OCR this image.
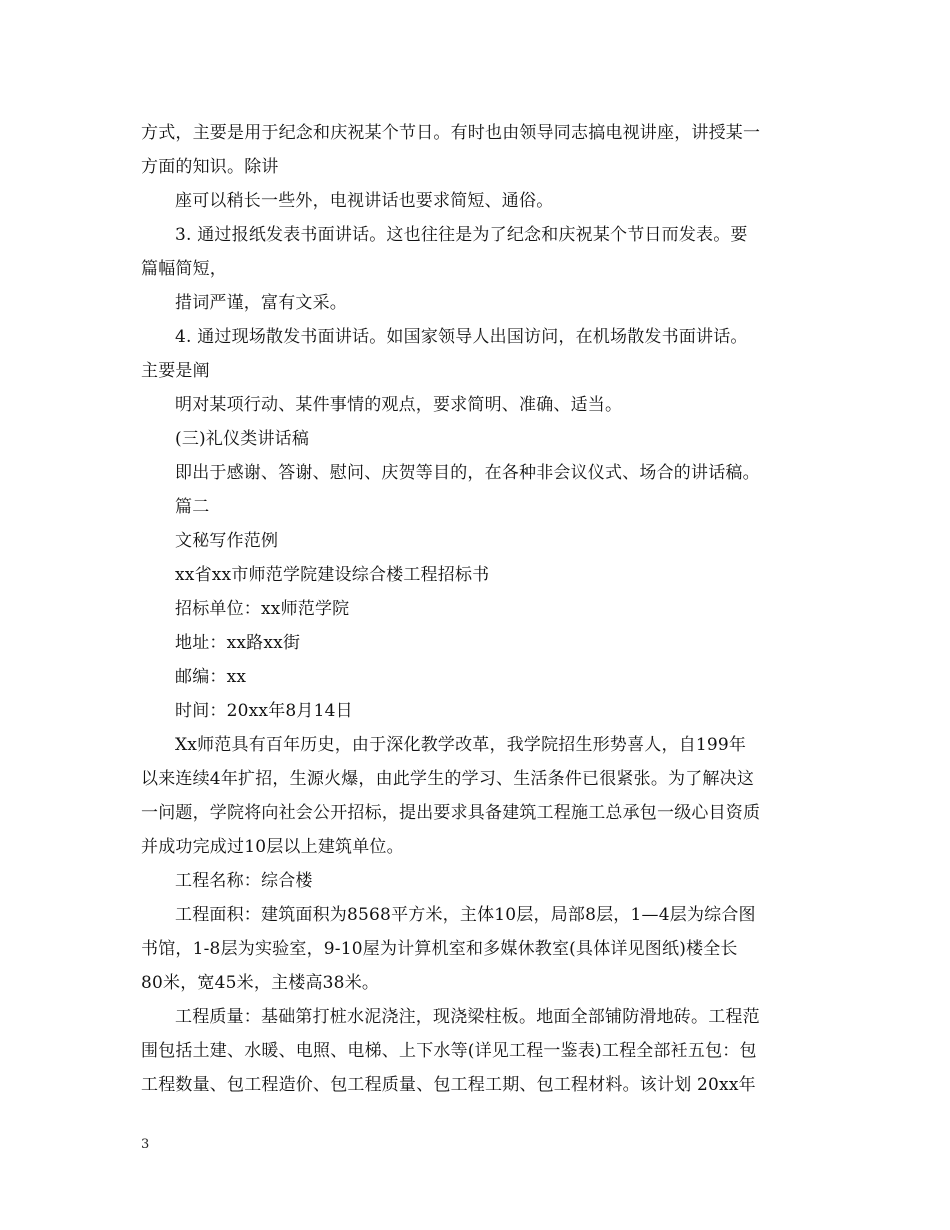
方式，主要是用于纪念和庆祝某个节日。有时也由领导同志搞电视讲座，讲授某一
方面的知识。除讲
座可以稍长一些外，电视讲话也要求简短、通俗。
3. 通过报纸发表书面讲话。这也往往是为了纪念和庆祝某个节日而发表。要
篇幅简短，
措词严谨，富有文采。
4. 通过现场散发书面讲话。如国家领导人出国访问，在机场散发书面讲话。
主要是阐
明对某项行动、某件事情的观点，要求简明、准确、适当。
(三)礼仪类讲话稿
即出于感谢、答谢、慰问、庆贺等目的，在各种非会议仪式、场合的讲话稿。
篇二
文秘写作范例
xx省xx市师范学院建设综合楼工程招标书
招标单位：xx师范学院
地址：xx路xx街
邮编：xx
时间：20xx年8月14日
Xx师范具有百年历史，由于深化教学改革，我学院招生形势喜人，自199年
以来连续4年扩招，生源火爆，由此学生的学习、生活条件已很紧张。为了解决这
一问题，学院将向社会公开招标，提出要求具备建筑工程施工总承包一级心目资质
并成功完成过10层以上建筑单位。
工程名称：综合楼
工程面积：建筑面积为8568平方米，主体10层，局部8层，1—4层为综合图
书馆，1-8层为实验室，9-10屋为计算机室和多媒休教室(具体详见图纸)楼全长
80米，宽45米，主楼高38米。
工程质量：基础第打桩水泥浇注，现浇梁柱板。地面全部铺防滑地砖。工程范
围包括土建、水暖、电照、电梯、上下水等(详见工程一鉴表)工程全部衽五包：包
工程数量、包工程造价、包工程质量、包工程工期、包工程材料。该计划 20xx年
3
